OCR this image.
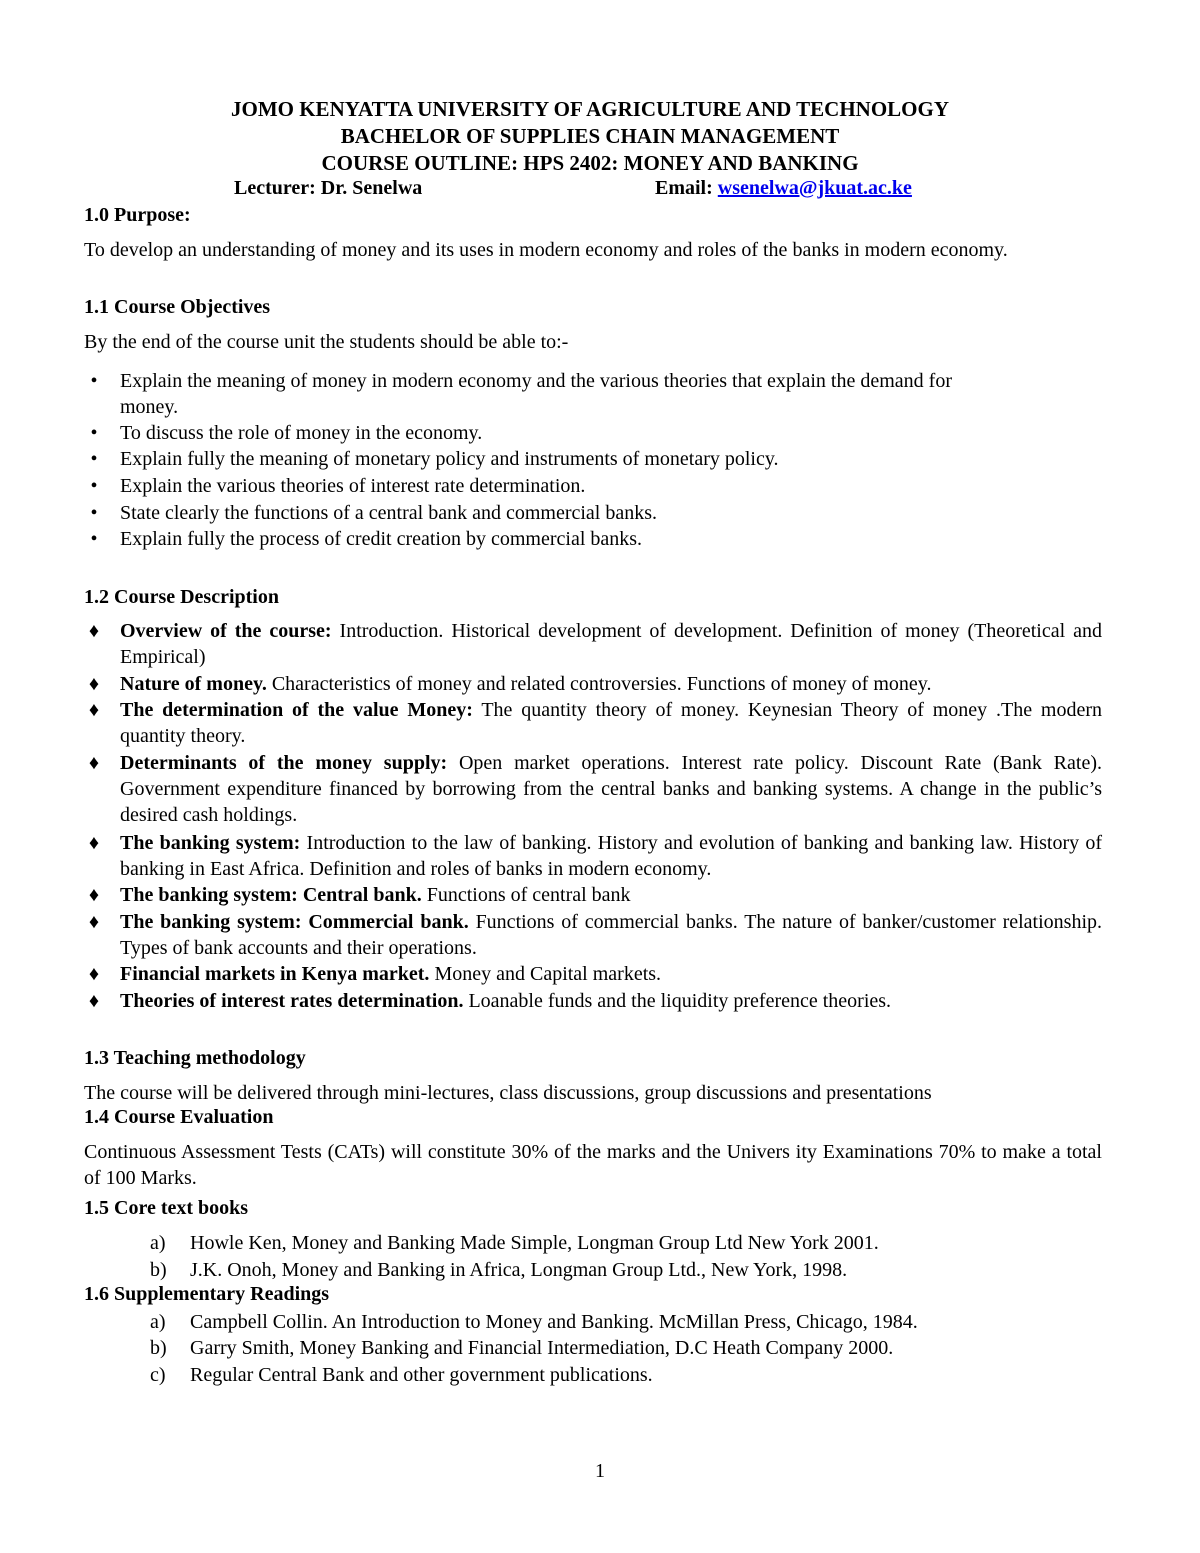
JOMO KENYATTA UNIVERSITY OF AGRICULTURE AND TECHNOLOGY
BACHELOR OF SUPPLIES CHAIN MANAGEMENT
COURSE OUTLINE: HPS 2402: MONEY AND BANKING
Lecturer: Dr. Senelwa	Email: wsenelwa@jkuat.ac.ke
1.0 Purpose:
To develop an understanding of money and its uses in modern economy and roles of the banks in modern economy.
1.1 Course Objectives
By the end of the course unit the students should be able to:-
•	Explain the meaning of money in modern economy and the various theories that explain the demand for money.
•	To discuss the role of money in the economy.
•	Explain fully the meaning of monetary policy and instruments of monetary policy.
•	Explain the various theories of interest rate determination.
•	State clearly the functions of a central bank and commercial banks.
•	Explain fully the process of credit creation by commercial banks.
1.2 Course Description
♦ Overview of the course: Introduction. Historical development of development. Definition of money (Theoretical and Empirical)
♦ Nature of money. Characteristics of money and related controversies. Functions of money of money.
♦ The determination of the value Money: The quantity theory of money. Keynesian Theory of money .The modern quantity theory.
♦ Determinants of the money supply: Open market operations. Interest rate policy. Discount Rate (Bank Rate). Government expenditure financed by borrowing from the central banks and banking systems. A change in the public’s desired cash holdings.
♦ The banking system: Introduction to the law of banking. History and evolution of banking and banking law. History of banking in East Africa. Definition and roles of banks in modern economy.
♦ The banking system: Central bank. Functions of central bank
♦ The banking system: Commercial bank. Functions of commercial banks. The nature of banker/customer relationship. Types of bank accounts and their operations.
♦ Financial markets in Kenya market. Money and Capital markets.
♦ Theories of interest rates determination. Loanable funds and the liquidity preference theories.
1.3 Teaching methodology
The course will be delivered through mini-lectures, class discussions, group discussions and presentations
1.4 Course Evaluation
Continuous Assessment Tests (CATs) will constitute 30% of the marks and the Univers ity Examinations 70% to make a total of 100 Marks.
1.5 Core text books
a) Howle Ken, Money and Banking Made Simple, Longman Group Ltd New York 2001.
b) J.K. Onoh, Money and Banking in Africa, Longman Group Ltd., New York, 1998.
1.6 Supplementary Readings
a) Campbell Collin. An Introduction to Money and Banking. McMillan Press, Chicago, 1984.
b) Garry Smith, Money Banking and Financial Intermediation, D.C Heath Company 2000.
c) Regular Central Bank and other government publications.
1
